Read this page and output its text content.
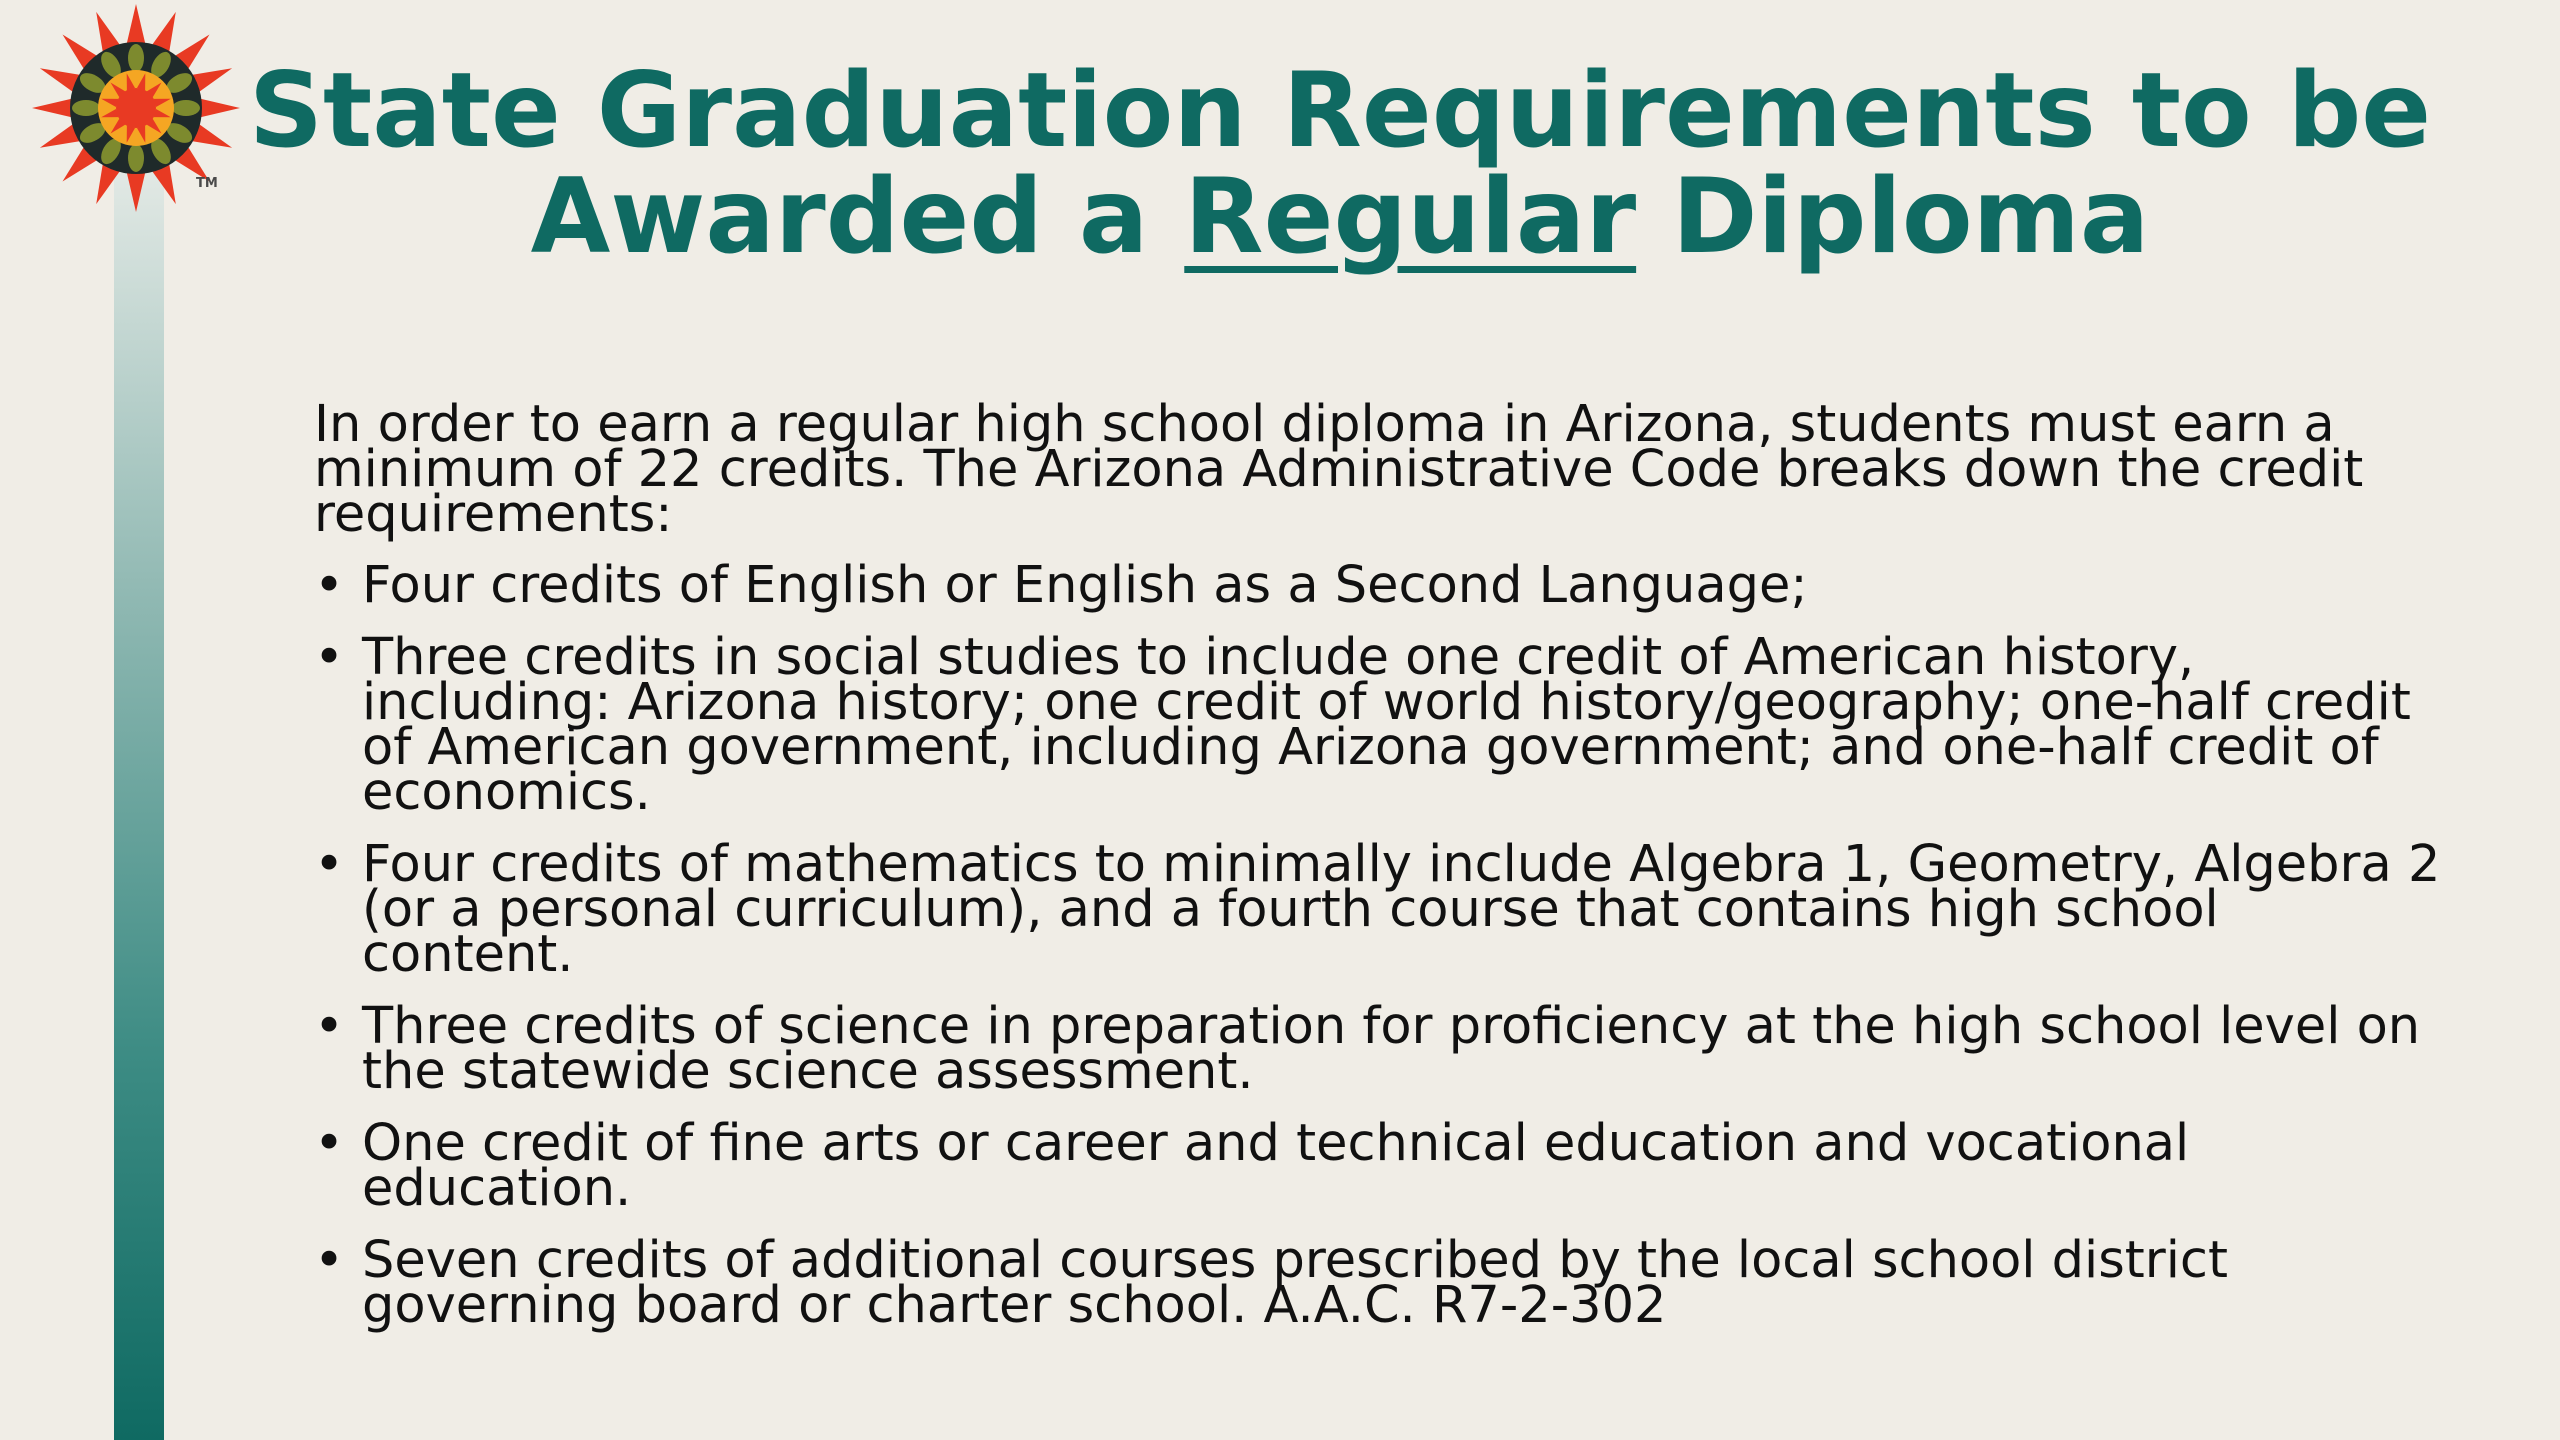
TM
State Graduation Requirements to be Awarded a Regular Diploma

In order to earn a regular high school diploma in Arizona, students must earn a minimum of 22 credits. The Arizona Administrative Code breaks down the credit requirements:

• Four credits of English or English as a Second Language;
• Three credits in social studies to include one credit of American history, including: Arizona history; one credit of world history/geography; one-half credit of American government, including Arizona government; and one-half credit of economics.
• Four credits of mathematics to minimally include Algebra 1, Geometry, Algebra 2 (or a personal curriculum), and a fourth course that contains high school content.
• Three credits of science in preparation for proficiency at the high school level on the statewide science assessment.
• One credit of fine arts or career and technical education and vocational education.
• Seven credits of additional courses prescribed by the local school district governing board or charter school. A.A.C. R7-2-302
